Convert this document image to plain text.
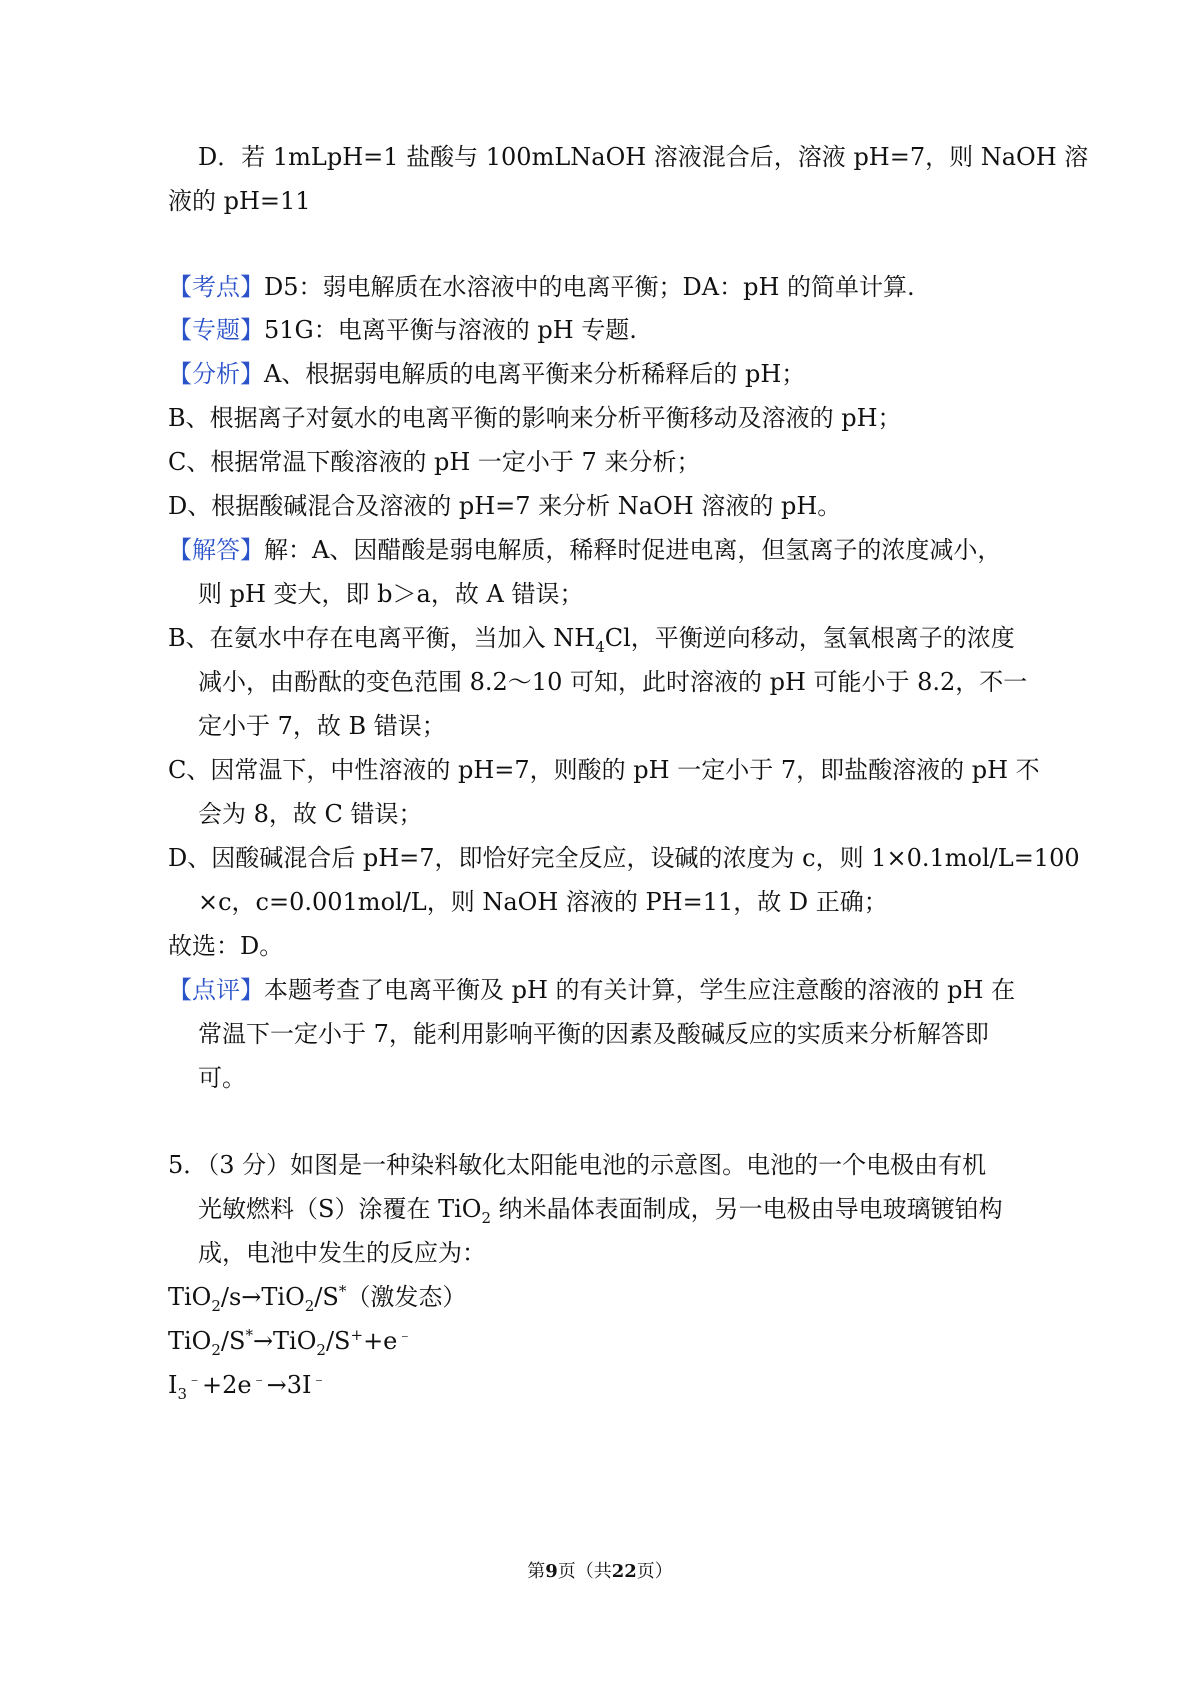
D．若 1mLpH=1 盐酸与 100mLNaOH 溶液混合后，溶液 pH=7，则 NaOH 溶
液的 pH=11
【考点】D5：弱电解质在水溶液中的电离平衡；DA：pH 的简单计算.
【专题】51G：电离平衡与溶液的 pH 专题.
【分析】A、根据弱电解质的电离平衡来分析稀释后的 pH；
B、根据离子对氨水的电离平衡的影响来分析平衡移动及溶液的 pH；
C、根据常温下酸溶液的 pH 一定小于 7 来分析；
D、根据酸碱混合及溶液的 pH=7 来分析 NaOH 溶液的 pH。
【解答】解：A、因醋酸是弱电解质，稀释时促进电离，但氢离子的浓度减小，
则 pH 变大，即 b＞a，故 A 错误；
B、在氨水中存在电离平衡，当加入 $NH_4Cl$，平衡逆向移动，氢氧根离子的浓度
减小，由酚酞的变色范围 8.2～10 可知，此时溶液的 pH 可能小于 8.2，不一
定小于 7，故 B 错误；
C、因常温下，中性溶液的 pH=7，则酸的 pH 一定小于 7，即盐酸溶液的 pH 不
会为 8，故 C 错误；
D、因酸碱混合后 pH=7，即恰好完全反应，设碱的浓度为 c，则 1×0.1mol/L=100
×c，c=0.001mol/L，则 NaOH 溶液的 PH=11，故 D 正确；
故选：D。
【点评】本题考查了电离平衡及 pH 的有关计算，学生应注意酸的溶液的 pH 在
常温下一定小于 7，能利用影响平衡的因素及酸碱反应的实质来分析解答即
可。
5．（3 分）如图是一种染料敏化太阳能电池的示意图。电池的一个电极由有机
光敏燃料（S）涂覆在 TiO$_2$ 纳米晶体表面制成，另一电极由导电玻璃镀铂构
成，电池中发生的反应为：
TiO$_2$/s→TiO$_2$/S*（激发态）
TiO$_2$/S*→TiO$_2$/S++e﹣
$I_3^﹣+2e^﹣\to 3I^﹣$
第9页（共22页）
